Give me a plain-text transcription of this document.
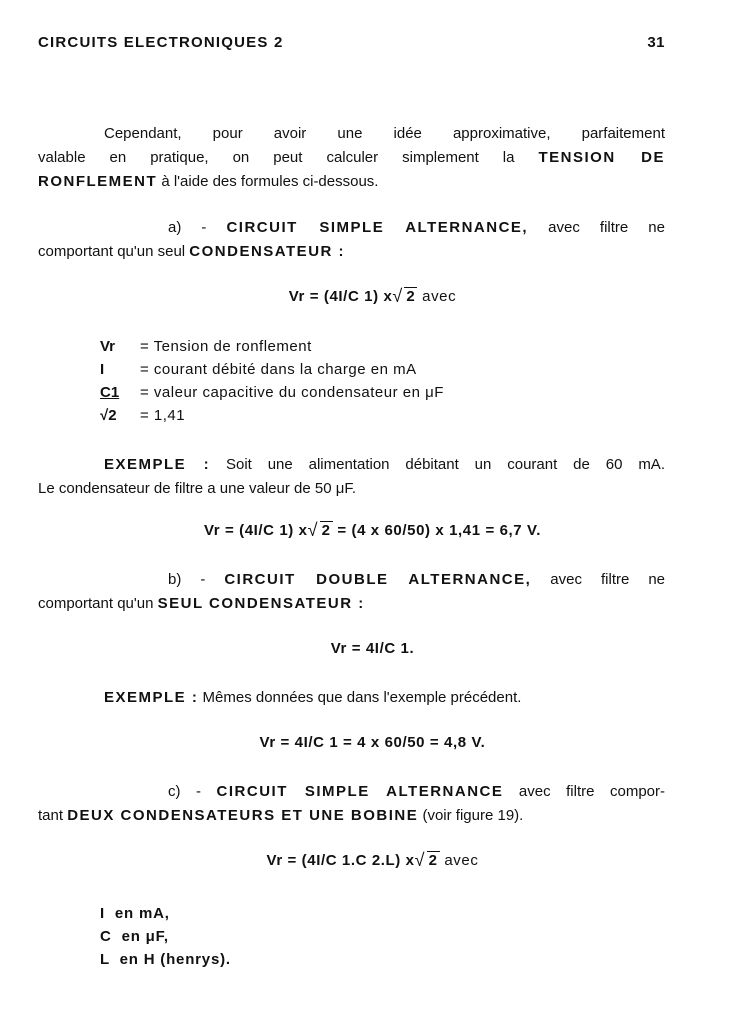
CIRCUITS ELECTRONIQUES 2	31
Cependant, pour avoir une idée approximative, parfaitement
valable en pratique, on peut calculer simplement la TENSION DE
RONFLEMENT à l'aide des formules ci-dessous.
a) - CIRCUIT SIMPLE ALTERNANCE, avec filtre ne
comportant qu'un seul CONDENSATEUR :
Vr = (4I/C 1) x √ 2 avec
Vr	= Tension de ronflement
I	= courant débité dans la charge en mA
C1	= valeur capacitive du condensateur en μF
√2	= 1,41
EXEMPLE : Soit une alimentation débitant un courant de 60 mA.
Le condensateur de filtre a une valeur de 50 μF.
Vr = (4I/C 1) x √ 2 = (4 x 60/50) x 1,41 = 6,7 V.
b) - CIRCUIT DOUBLE ALTERNANCE, avec filtre ne
comportant qu'un SEUL CONDENSATEUR :
Vr = 4I/C 1.
EXEMPLE : Mêmes données que dans l'exemple précédent.
Vr = 4I/C 1 = 4 x 60/50 = 4,8 V.
c) - CIRCUIT SIMPLE ALTERNANCE avec filtre compor-
tant DEUX CONDENSATEURS ET UNE BOBINE (voir figure 19).
Vr = (4I/C 1.C 2.L) x √ 2 avec
I  en mA,
C  en μF,
L  en H (henrys).
